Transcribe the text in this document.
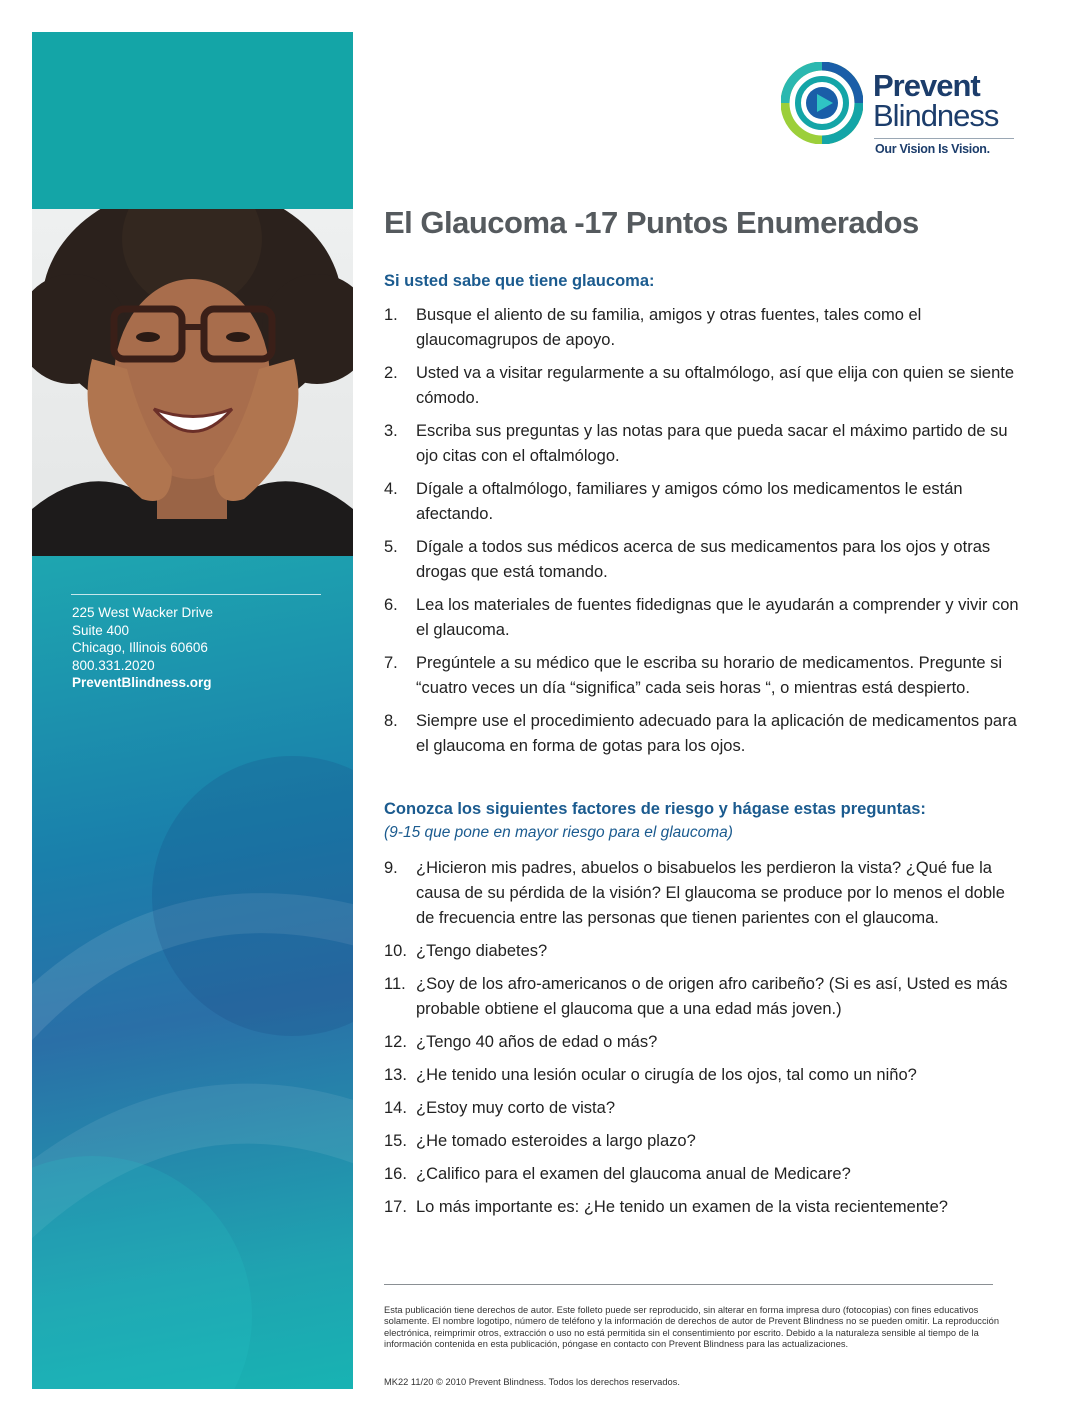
225 West Wacker Drive
Suite 400
Chicago, Illinois 60606
800.331.2020
PreventBlindness.org
Prevent
Blindness
Our Vision Is Vision.
El Glaucoma -17 Puntos Enumerados
Si usted sabe que tiene glaucoma:
1. Busque el aliento de su familia, amigos y otras fuentes, tales como el glaucomagrupos de apoyo.
2. Usted va a visitar regularmente a su oftalmólogo, así que elija con quien se siente cómodo.
3. Escriba sus preguntas y las notas para que pueda sacar el máximo partido de su ojo citas con el oftalmólogo.
4. Dígale a oftalmólogo, familiares y amigos cómo los medicamentos le están afectando.
5. Dígale a todos sus médicos acerca de sus medicamentos para los ojos y otras drogas que está tomando.
6. Lea los materiales de fuentes fidedignas que le ayudarán a comprender y vivir con el glaucoma.
7. Pregúntele a su médico que le escriba su horario de medicamentos. Pregunte si “cuatro veces un día “significa” cada seis horas “, o mientras está despierto.
8. Siempre use el procedimiento adecuado para la aplicación de medicamentos para el glaucoma en forma de gotas para los ojos.
Conozca los siguientes factores de riesgo y hágase estas preguntas:
(9-15 que pone en mayor riesgo para el glaucoma)
9. ¿Hicieron mis padres, abuelos o bisabuelos les perdieron la vista? ¿Qué fue la causa de su pérdida de la visión? El glaucoma se produce por lo menos el doble de frecuencia entre las personas que tienen parientes con el glaucoma.
10. ¿Tengo diabetes?
11. ¿Soy de los afro-americanos o de origen afro caribeño? (Si es así, Usted es más probable obtiene el glaucoma que a una edad más joven.)
12. ¿Tengo 40 años de edad o más?
13. ¿He tenido una lesión ocular o cirugía de los ojos, tal como un niño?
14. ¿Estoy muy corto de vista?
15. ¿He tomado esteroides a largo plazo?
16. ¿Califico para el examen del glaucoma anual de Medicare?
17. Lo más importante es: ¿He tenido un examen de la vista recientemente?

Esta publicación tiene derechos de autor. Este folleto puede ser reproducido, sin alterar en forma impresa duro (fotocopias) con fines educativos solamente. El nombre logotipo, número de teléfono y la información de derechos de autor de Prevent Blindness no se pueden omitir. La reproducción electrónica, reimprimir otros, extracción o uso no está permitida sin el consentimiento por escrito. Debido a la naturaleza sensible al tiempo de la información contenida en esta publicación, póngase en contacto con Prevent Blindness para las actualizaciones.

MK22 11/20 © 2010 Prevent Blindness. Todos los derechos reservados.
